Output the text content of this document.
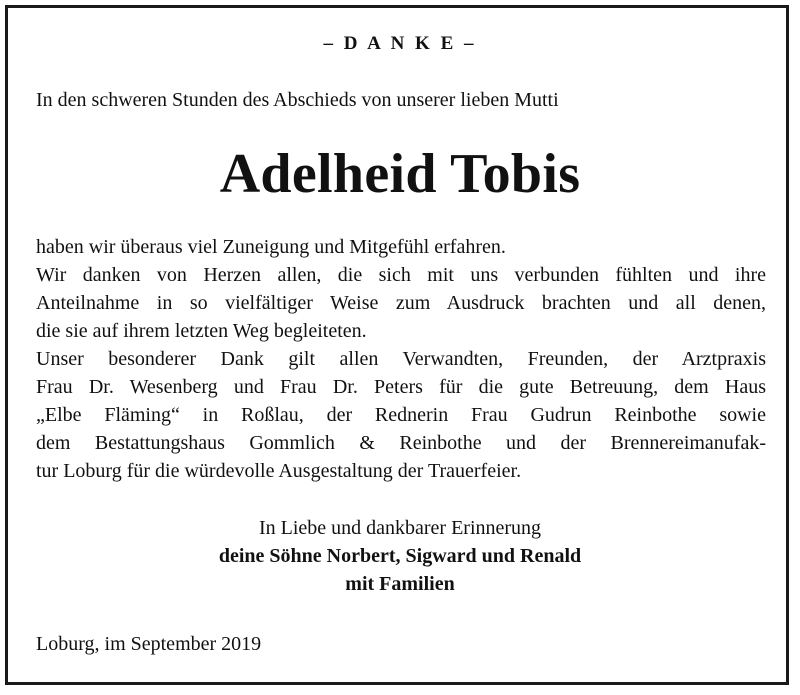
– D A N K E –
In den schweren Stunden des Abschieds von unserer lieben Mutti
Adelheid Tobis
haben wir überaus viel Zuneigung und Mitgefühl erfahren.
Wir danken von Herzen allen, die sich mit uns verbunden fühlten und ihre
Anteilnahme in so vielfältiger Weise zum Ausdruck brachten und all denen,
die sie auf ihrem letzten Weg begleiteten.
Unser besonderer Dank gilt allen Verwandten, Freunden, der Arztpraxis
Frau Dr. Wesenberg und Frau Dr. Peters für die gute Betreuung, dem Haus
„Elbe Fläming“ in Roßlau, der Rednerin Frau Gudrun Reinbothe sowie
dem Bestattungshaus Gommlich & Reinbothe und der Brennereimanufak-
tur Loburg für die würdevolle Ausgestaltung der Trauerfeier.
In Liebe und dankbarer Erinnerung
deine Söhne Norbert, Sigward und Renald
mit Familien
Loburg, im September 2019
